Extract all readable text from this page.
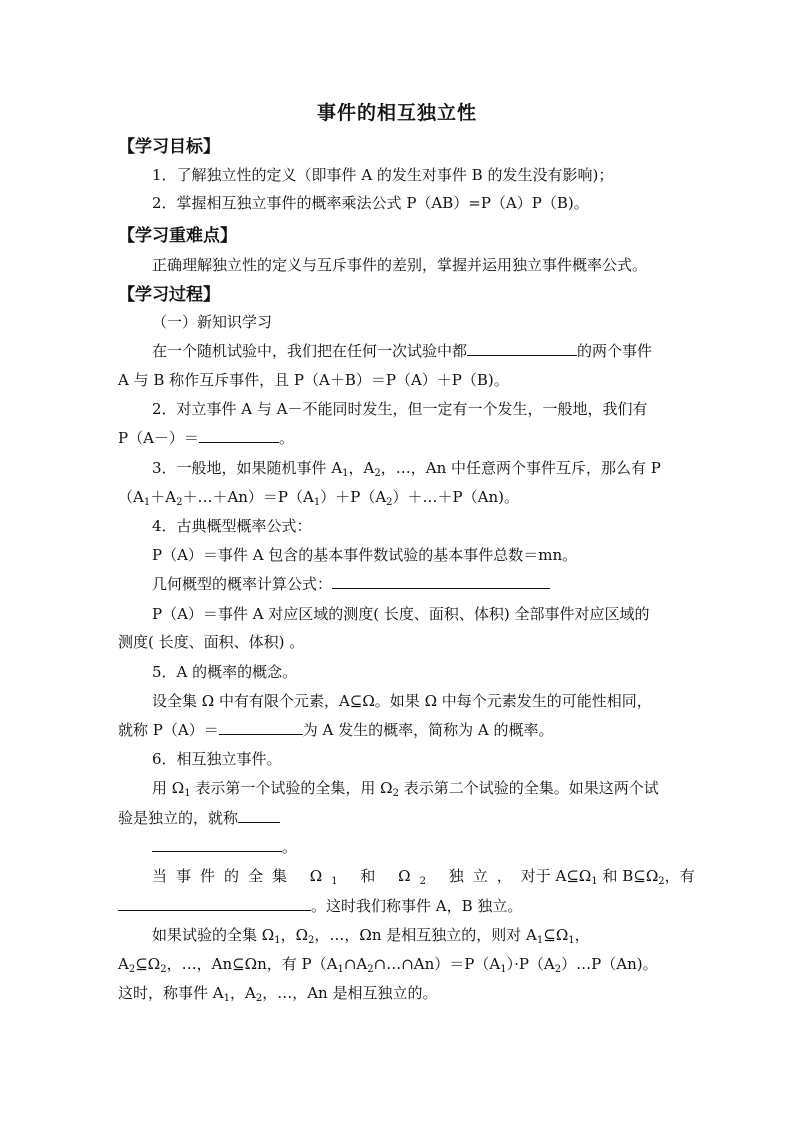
事件的相互独立性
【学习目标】
1．了解独立性的定义（即事件 A 的发生对事件 B 的发生没有影响)；
2．掌握相互独立事件的概率乘法公式 P（AB）=P（A）P（B)。
【学习重难点】
正确理解独立性的定义与互斥事件的差别，掌握并运用独立事件概率公式。
【学习过程】
（一）新知识学习
在一个随机试验中，我们把在任何一次试验中都	的两个事件
A 与 B 称作互斥事件，且 P（A＋B）＝P（A）＋P（B)。
2．对立事件 A 与 A－不能同时发生，但一定有一个发生，一般地，我们有
P（A－）＝	。
3．一般地，如果随机事件 $A_1$，$A_2$，…，An 中任意两个事件互斥，那么有 P
$(A_1+A_2+\dots+An)=P(A_1)+P(A_2)+\dots+P(An)$。
4．古典概型概率公式：
P（A）＝事件 A 包含的基本事件数试验的基本事件总数＝mn。
几何概型的概率计算公式：
P（A）＝事件 A 对应区域的测度( 长度、面积、体积) 全部事件对应区域的
测度( 长度、面积、体积) 。
5．A 的概率的概念。
设全集 Ω 中有有限个元素，A⊆Ω。如果 Ω 中每个元素发生的可能性相同，
就称 P（A）＝	为 A 发生的概率，简称为 A 的概率。
6．相互独立事件。
用 $\Omega_1$ 表示第一个试验的全集，用 $\Omega_2$ 表示第二个试验的全集。如果这两个试
验是独立的，就称
。
当事件的全集 $\Omega_1$ 和 $\Omega_2$ 独立， 对于 $A⊆\Omega_1$ 和 $B⊆\Omega_2$， 有
。这时我们称事件 A，B 独立。
如果试验的全集 $\Omega_1$，$\Omega_2$，…，Ωn 是相互独立的，则对 $A_1⊆\Omega_1$，
$A_2⊆\Omega_2$，…，An⊆Ωn，有 $P(A_1\cap A_2\cap\dots\cap An)=P(A_1)\cdot P(A_2)\dots P(An)$。
这时，称事件 $A_1$，$A_2$，…，An 是相互独立的。
